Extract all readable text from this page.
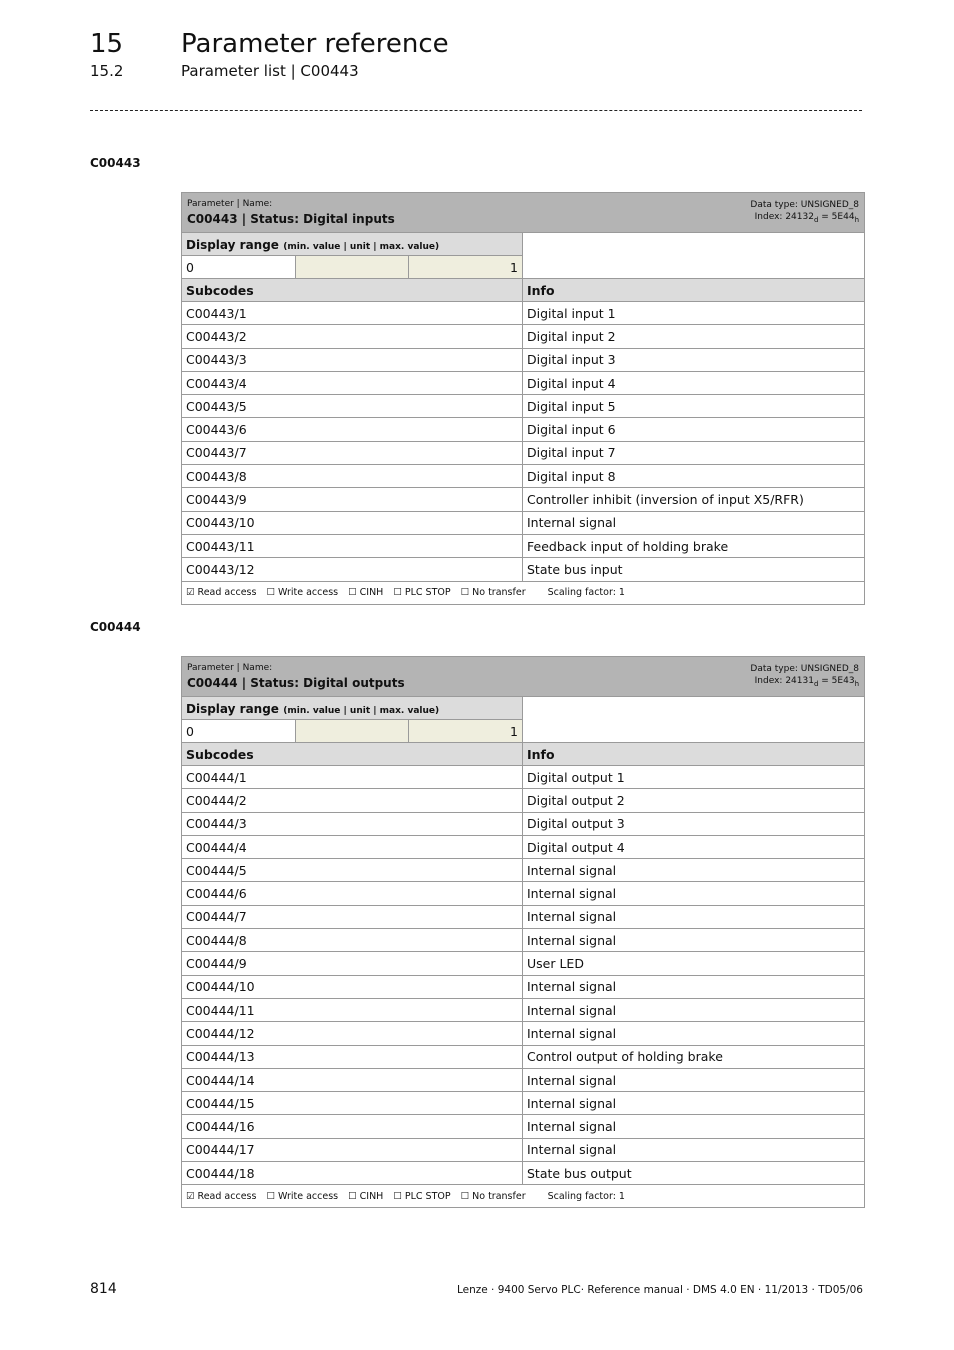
15 Parameter reference
15.2	Parameter list | C00443
C00443
Parameter | Name:
C00443 | Status: Digital inputs
Data type: UNSIGNED_8
Index: $24132_d = 5E44_h$

Display range (min. value | unit | max. value)	

0		1

Subcodes	Info
C00443/1	Digital input 1
C00443/2	Digital input 2
C00443/3	Digital input 3
C00443/4	Digital input 4
C00443/5	Digital input 5
C00443/6	Digital input 6
C00443/7	Digital input 7
C00443/8	Digital input 8
C00443/9	Controller inhibit (inversion of input X5/RFR)
C00443/10	Internal signal
C00443/11	Feedback input of holding brake
C00443/12	State bus input
☑ Read access ☐ Write access ☐ CINH ☐ PLC STOP ☐ No transfer Scaling factor: 1
C00444
Parameter | Name:
C00444 | Status: Digital outputs
Data type: UNSIGNED_8
Index: $24131_d = 5E43_h$

Display range (min. value | unit | max. value)	

0		1

Subcodes	Info
C00444/1	Digital output 1
C00444/2	Digital output 2
C00444/3	Digital output 3
C00444/4	Digital output 4
C00444/5	Internal signal
C00444/6	Internal signal
C00444/7	Internal signal
C00444/8	Internal signal
C00444/9	User LED
C00444/10	Internal signal
C00444/11	Internal signal
C00444/12	Internal signal
C00444/13	Control output of holding brake
C00444/14	Internal signal
C00444/15	Internal signal
C00444/16	Internal signal
C00444/17	Internal signal
C00444/18	State bus output
☑ Read access ☐ Write access ☐ CINH ☐ PLC STOP ☐ No transfer Scaling factor: 1
814	Lenze · 9400 Servo PLC· Reference manual · DMS 4.0 EN · 11/2013 · TD05/06
